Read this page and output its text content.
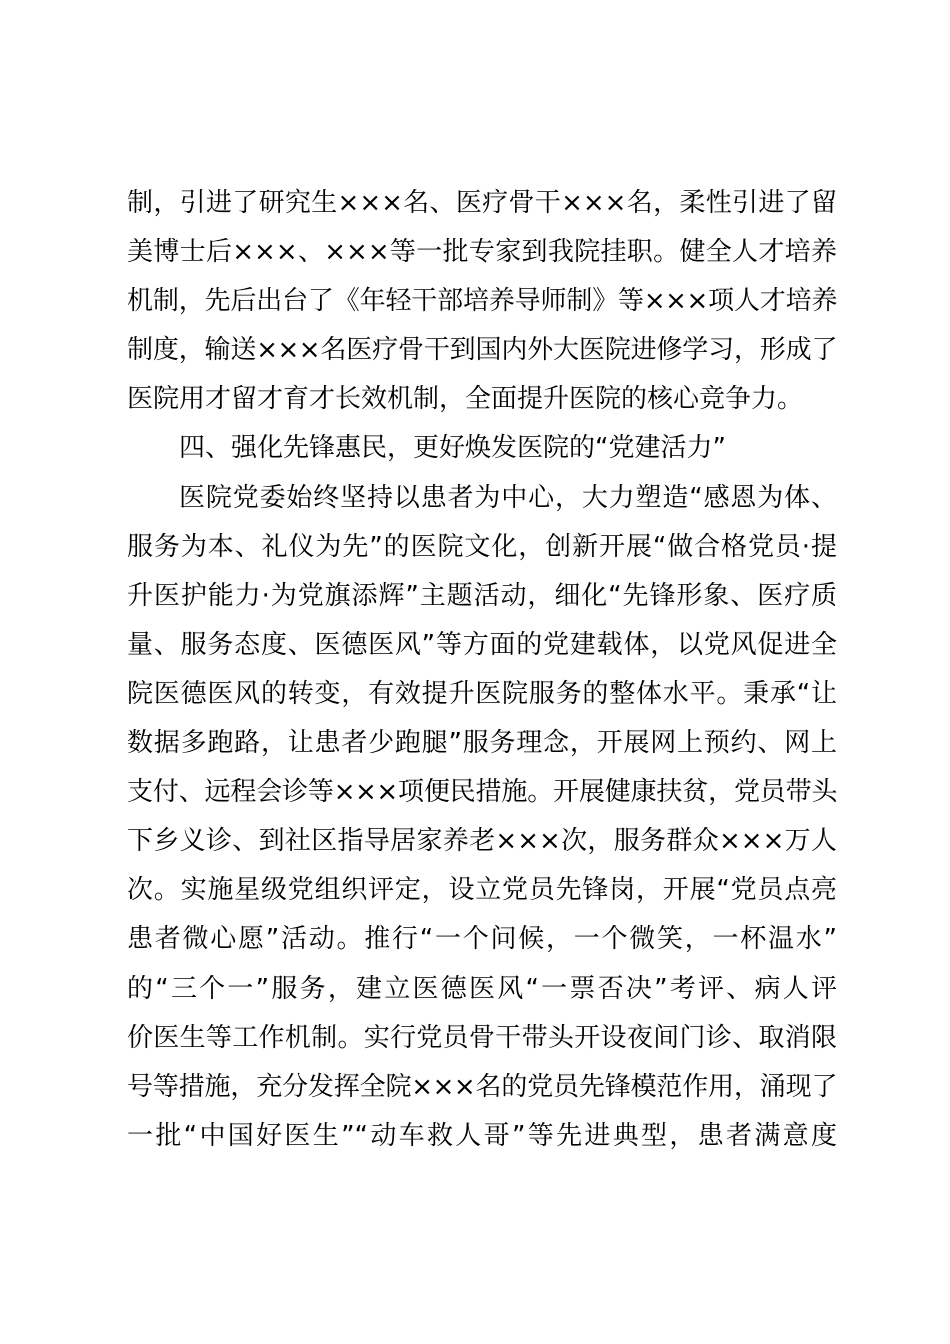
制，引进了研究生×××名、医疗骨干×××名，柔性引进了留
美博士后×××、×××等一批专家到我院挂职。健全人才培养
机制，先后出台了《年轻干部培养导师制》等×××项人才培养
制度，输送×××名医疗骨干到国内外大医院进修学习，形成了
医院用才留才育才长效机制，全面提升医院的核心竞争力。
四、强化先锋惠民，更好焕发医院的“党建活力”
医院党委始终坚持以患者为中心，大力塑造“感恩为体、
服务为本、礼仪为先”的医院文化，创新开展“做合格党员·提
升医护能力·为党旗添辉”主题活动，细化“先锋形象、医疗质
量、服务态度、医德医风”等方面的党建载体，以党风促进全
院医德医风的转变，有效提升医院服务的整体水平。秉承“让
数据多跑路，让患者少跑腿”服务理念，开展网上预约、网上
支付、远程会诊等×××项便民措施。开展健康扶贫，党员带头
下乡义诊、到社区指导居家养老×××次，服务群众×××万人
次。实施星级党组织评定，设立党员先锋岗，开展“党员点亮
患者微心愿”活动。推行“一个问候，一个微笑，一杯温水”
的“三个一”服务，建立医德医风“一票否决”考评、病人评
价医生等工作机制。实行党员骨干带头开设夜间门诊、取消限
号等措施，充分发挥全院×××名的党员先锋模范作用，涌现了
一批“中国好医生”“动车救人哥”等先进典型，患者满意度
